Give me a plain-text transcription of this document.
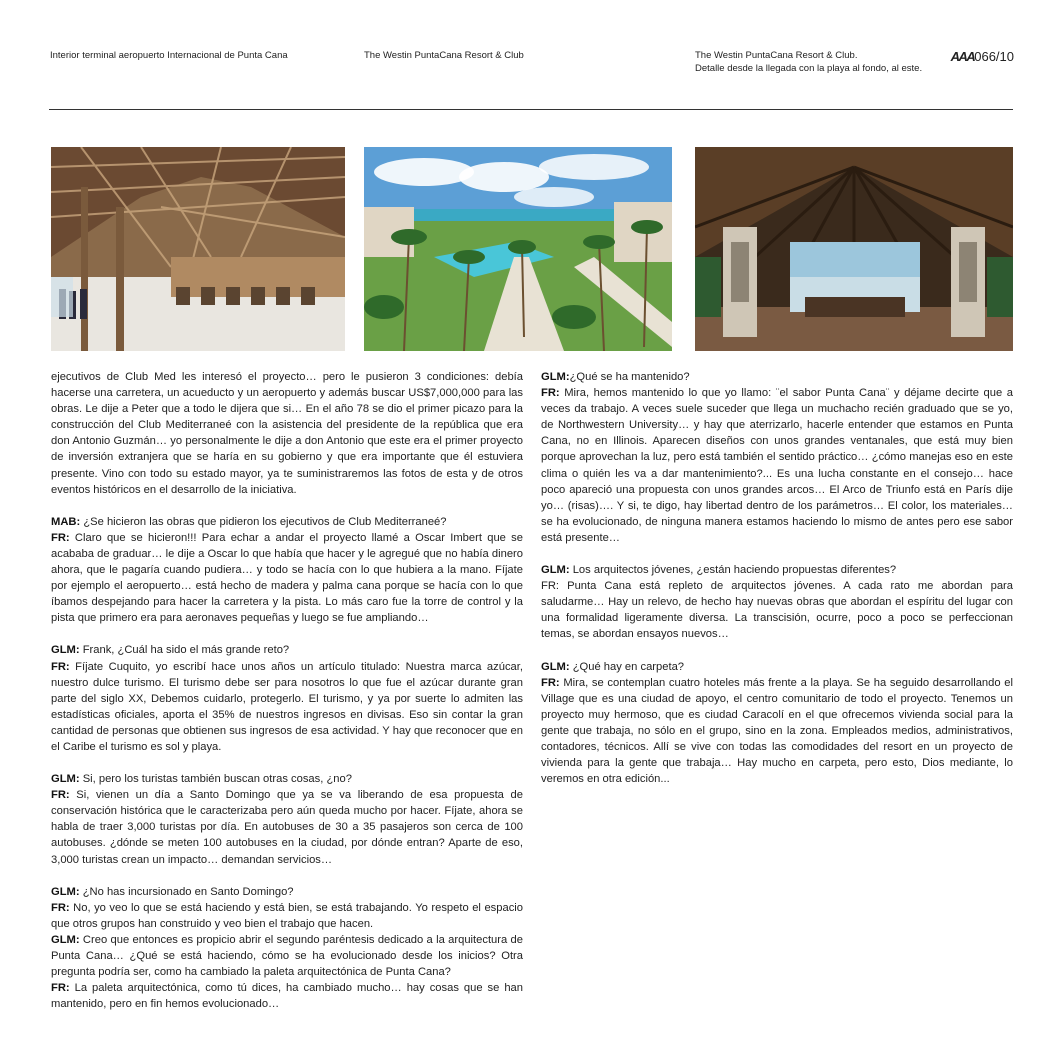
Interior terminal aeropuerto Internacional de Punta Cana	The Westin PuntaCana Resort & Club	The Westin PuntaCana Resort & Club.
Detalle desde la llegada con la playa al fondo, al este.
AAA 066/10

ejecutivos de Club Med les interesó el proyecto… pero le pusieron 3 condiciones: debía hacerse una carretera, un acueducto y un aeropuerto y además buscar US$7,000,000 para las obras. Le dije a Peter que a todo le dijera que si… En el año 78 se dio el primer picazo para la construcción del Club Mediterraneé con la asistencia del presidente de la república que era don Antonio Guzmán… yo personalmente le dije a don Antonio que este era el primer proyecto de inversión extranjera que se haría en su gobierno y que era importante que él estuviera presente. Vino con todo su estado mayor, ya te suministraremos las fotos de esta y de otros eventos históricos en el desarrollo de la iniciativa.

MAB: ¿Se hicieron las obras que pidieron los ejecutivos de Club Mediterraneé?
FR: Claro que se hicieron!!! Para echar a andar el proyecto llamé a Oscar Imbert que se acababa de graduar… le dije a Oscar lo que había que hacer y le agregué que no había dinero ahora, que le pagaría cuando pudiera… y todo se hacía con lo que hubiera a la mano. Fíjate por ejemplo el aeropuerto… está hecho de madera y palma cana porque se hacía con lo que íbamos despejando para hacer la carretera y la pista. Lo más caro fue la torre de control y la pista que primero era para aeronaves pequeñas y luego se fue ampliando…

GLM: Frank, ¿Cuál ha sido el más grande reto?
FR: Fíjate Cuquito, yo escribí hace unos años un artículo titulado: Nuestra marca azúcar, nuestro dulce turismo. El turismo debe ser para nosotros lo que fue el azúcar durante gran parte del siglo XX, Debemos cuidarlo, protegerlo. El turismo, y ya por suerte lo admiten las estadísticas oficiales, aporta el 35% de nuestros ingresos en divisas. Eso sin contar la gran cantidad de personas que obtienen sus ingresos de esa actividad. Y hay que reconocer que en el Caribe el turismo es sol y playa.

GLM: Si, pero los turistas también buscan otras cosas, ¿no?
FR: Si, vienen un día a Santo Domingo que ya se va liberando de esa propuesta de conservación histórica que le caracterizaba pero aún queda mucho por hacer. Fíjate, ahora se habla de traer 3,000 turistas por día. En autobuses de 30 a 35 pasajeros son cerca de 100 autobuses. ¿dónde se meten 100 autobuses en la ciudad, por dónde entran? Aparte de eso, 3,000 turistas crean un impacto… demandan servicios…

GLM: ¿No has incursionado en Santo Domingo?
FR: No, yo veo lo que se está haciendo y está bien, se está trabajando. Yo respeto el espacio que otros grupos han construido y veo bien el trabajo que hacen.
GLM: Creo que entonces es propicio abrir el segundo paréntesis dedicado a la arquitectura de Punta Cana… ¿Qué se está haciendo, cómo se ha evolucionado desde los inicios? Otra pregunta podría ser, como ha cambiado la paleta arquitectónica de Punta Cana?
FR: La paleta arquitectónica, como tú dices, ha cambiado mucho… hay cosas que se han mantenido, pero en fin hemos evolucionado…

GLM:¿Qué se ha mantenido?
FR: Mira, hemos mantenido lo que yo llamo: ¨el sabor Punta Cana¨ y déjame decirte que a veces da trabajo. A veces suele suceder que llega un muchacho recién graduado que se yo, de Northwestern University… y hay que aterrizarlo, hacerle entender que estamos en Punta Cana, no en Illinois. Aparecen diseños con unos grandes ventanales, que está muy bien porque aprovechan la luz, pero está también el sentido práctico… ¿cómo manejas eso en este clima o quién les va a dar mantenimiento?... Es una lucha constante en el consejo… hace poco apareció una propuesta con unos grandes arcos… El Arco de Triunfo está en París dije yo… (risas)…. Y si, te digo, hay libertad dentro de los parámetros… El color, los materiales… se ha evolucionado, de ninguna manera estamos haciendo lo mismo de antes pero ese sabor está presente…

GLM: Los arquitectos jóvenes, ¿están haciendo propuestas diferentes?
FR: Punta Cana está repleto de arquitectos jóvenes. A cada rato me abordan para saludarme… Hay un relevo, de hecho hay nuevas obras que abordan el espíritu del lugar con una formalidad ligeramente diversa. La transcisión, ocurre, poco a poco se perfeccionan temas, se abordan ensayos nuevos…

GLM: ¿Qué hay en carpeta?
FR: Mira, se contemplan cuatro hoteles más frente a la playa. Se ha seguido desarrollando el Village que es una ciudad de apoyo, el centro comunitario de todo el proyecto. Tenemos un proyecto muy hermoso, que es ciudad Caracolí en el que ofrecemos vivienda social para la gente que trabaja, no sólo en el grupo, sino en la zona. Empleados medios, administrativos, contadores, técnicos. Allí se vive con todas las comodidades del resort en un proyecto de vivienda para la gente que trabaja… Hay mucho en carpeta, pero esto, Dios mediante, lo veremos en otra edición...
